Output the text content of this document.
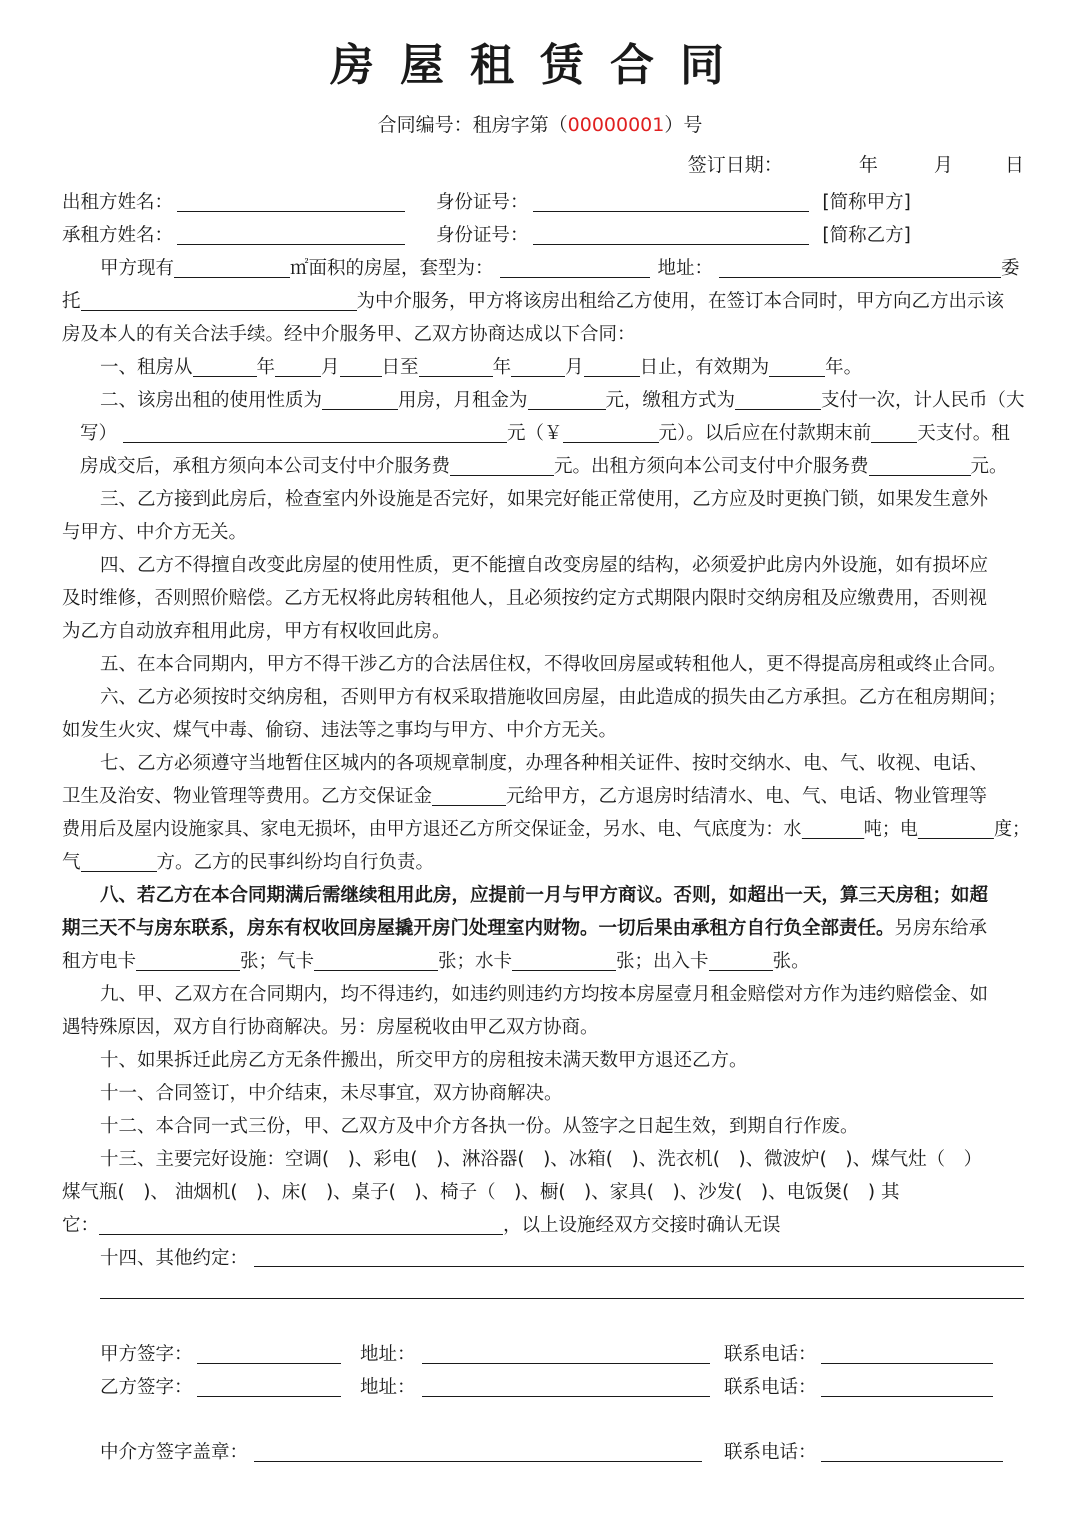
房屋租赁合同
合同编号：租房字第（00000001）号
签订日期：	年	月	日
出租方姓名：	身份证号：	[简称甲方]
承租方姓名：	身份证号：	[简称乙方]
甲方现有	㎡面积的房屋，套型为：	地址：	委
托	为中介服务，甲方将该房出租给乙方使用，在签订本合同时，甲方向乙方出示该
房及本人的有关合法手续。经中介服务甲、乙双方协商达成以下合同：
一、租房从	年 月 日至	年	月	日止，有效期为	年。
二、该房出租的使用性质为	用房，月租金为	元，缴租方式为	支付一次，计人民币（大
写）	元（￥	元）。以后应在付款期末前 天支付。租
房成交后，承租方须向本公司支付中介服务费	元。出租方须向本公司支付中介服务费	元。
三、乙方接到此房后，检查室内外设施是否完好，如果完好能正常使用，乙方应及时更换门锁，如果发生意外
与甲方、中介方无关。
四、乙方不得擅自改变此房屋的使用性质，更不能擅自改变房屋的结构，必须爱护此房内外设施，如有损坏应
及时维修，否则照价赔偿。乙方无权将此房转租他人，且必须按约定方式期限内限时交纳房租及应缴费用，否则视
为乙方自动放弃租用此房，甲方有权收回此房。
五、在本合同期内，甲方不得干涉乙方的合法居住权，不得收回房屋或转租他人，更不得提高房租或终止合同。
六、乙方必须按时交纳房租，否则甲方有权采取措施收回房屋，由此造成的损失由乙方承担。乙方在租房期间；
如发生火灾、煤气中毒、偷窃、违法等之事均与甲方、中介方无关。
七、乙方必须遵守当地暂住区城内的各项规章制度，办理各种相关证件、按时交纳水、电、气、收视、电话、
卫生及治安、物业管理等费用。乙方交保证金	元给甲方，乙方退房时结清水、电、气、电话、物业管理等
费用后及屋内设施家具、家电无损坏，由甲方退还乙方所交保证金，另水、电、气底度为：水	吨；电	度；
气	方。乙方的民事纠纷均自行负责。
八、若乙方在本合同期满后需继续租用此房，应提前一月与甲方商议。否则，如超出一天，算三天房租；如超
期三天不与房东联系，房东有权收回房屋撬开房门处理室内财物。一切后果由承租方自行负全部责任。另房东给承
租方电卡	张；气卡	张；水卡	张；出入卡	张。
九、甲、乙双方在合同期内，均不得违约，如违约则违约方均按本房屋壹月租金赔偿对方作为违约赔偿金、如
遇特殊原因，双方自行协商解决。另：房屋税收由甲乙双方协商。
十、如果拆迁此房乙方无条件搬出，所交甲方的房租按未满天数甲方退还乙方。
十一、合同签订，中介结束，未尽事宜，双方协商解决。
十二、本合同一式三份，甲、乙双方及中介方各执一份。从签字之日起生效，到期自行作废。
十三、主要完好设施：空调(　)、彩电(　)、淋浴器(　)、冰箱(　)、洗衣机(　)、微波炉(　)、煤气灶（　）
煤气瓶(　)、 油烟机(　)、床(　)、桌子(　)、椅子（　)、橱(　)、家具(　)、沙发(　)、电饭煲(　) 其
它：	，以上设施经双方交接时确认无误
十四、其他约定：
甲方签字：	地址：	联系电话：
乙方签字：	地址：	联系电话：
中介方签字盖章：	联系电话：
